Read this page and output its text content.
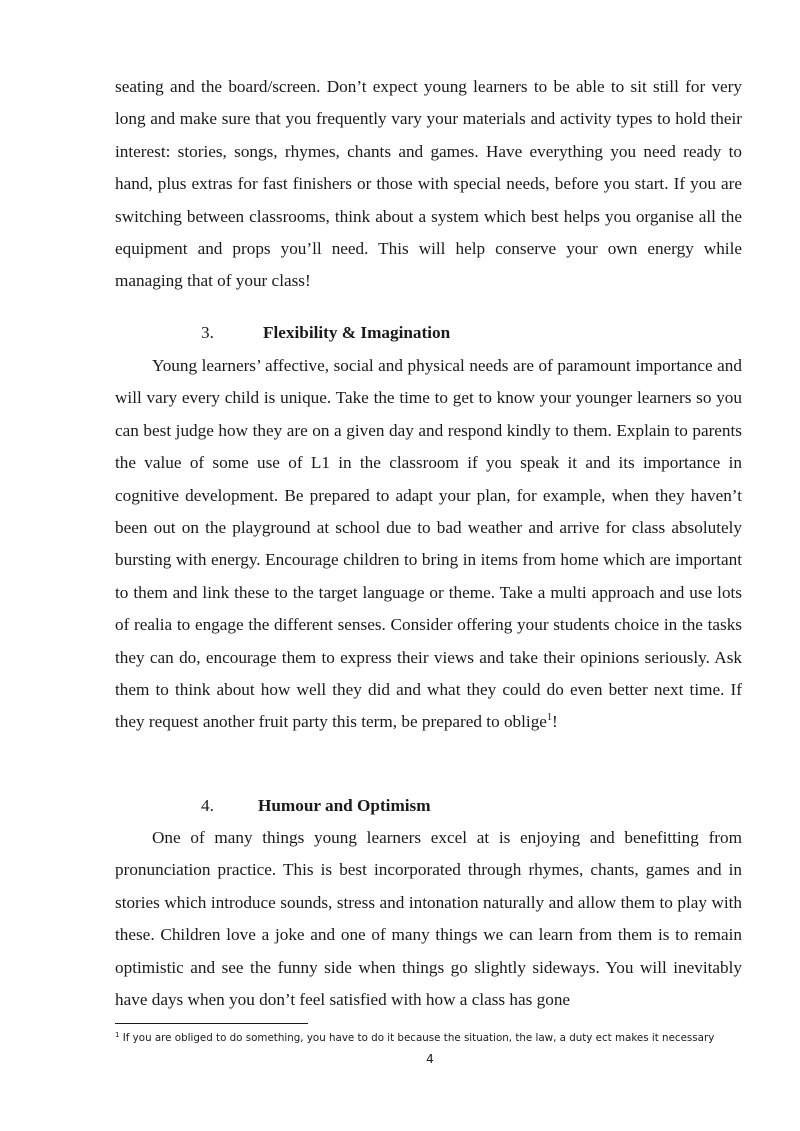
seating and the board/screen. Don’t expect young learners to be able to sit still for very long and make sure that you frequently vary your materials and activity types to hold their interest: stories, songs, rhymes, chants and games. Have everything you need ready to hand, plus extras for fast finishers or those with special needs, before you start. If you are switching between classrooms, think about a system which best helps you organise all the equipment and props you’ll need. This will help conserve your own energy while managing that of your class!

3.	Flexibility & Imagination

Young learners’ affective, social and physical needs are of paramount importance and will vary every child is unique. Take the time to get to know your younger learners so you can best judge how they are on a given day and respond kindly to them. Explain to parents the value of some use of L1 in the classroom if you speak it and its importance in cognitive development. Be prepared to adapt your plan, for example, when they haven’t been out on the playground at school due to bad weather and arrive for class absolutely bursting with energy. Encourage children to bring in items from home which are important to them and link these to the target language or theme. Take a multi approach and use lots of realia to engage the different senses. Consider offering your students choice in the tasks they can do, encourage them to express their views and take their opinions seriously. Ask them to think about how well they did and what they could do even better next time. If they request another fruit party this term, be prepared to oblige$^1$!

4.	Humour and Optimism

One of many things young learners excel at is enjoying and benefitting from pronunciation practice. This is best incorporated through rhymes, chants, games and in stories which introduce sounds, stress and intonation naturally and allow them to play with these. Children love a joke and one of many things we can learn from them is to remain optimistic and see the funny side when things go slightly sideways. You will inevitably have days when you don’t feel satisfied with how a class has gone

$^1$ If you are obliged to do something, you have to do it because the situation, the law, a duty ect makes it necessary

4
